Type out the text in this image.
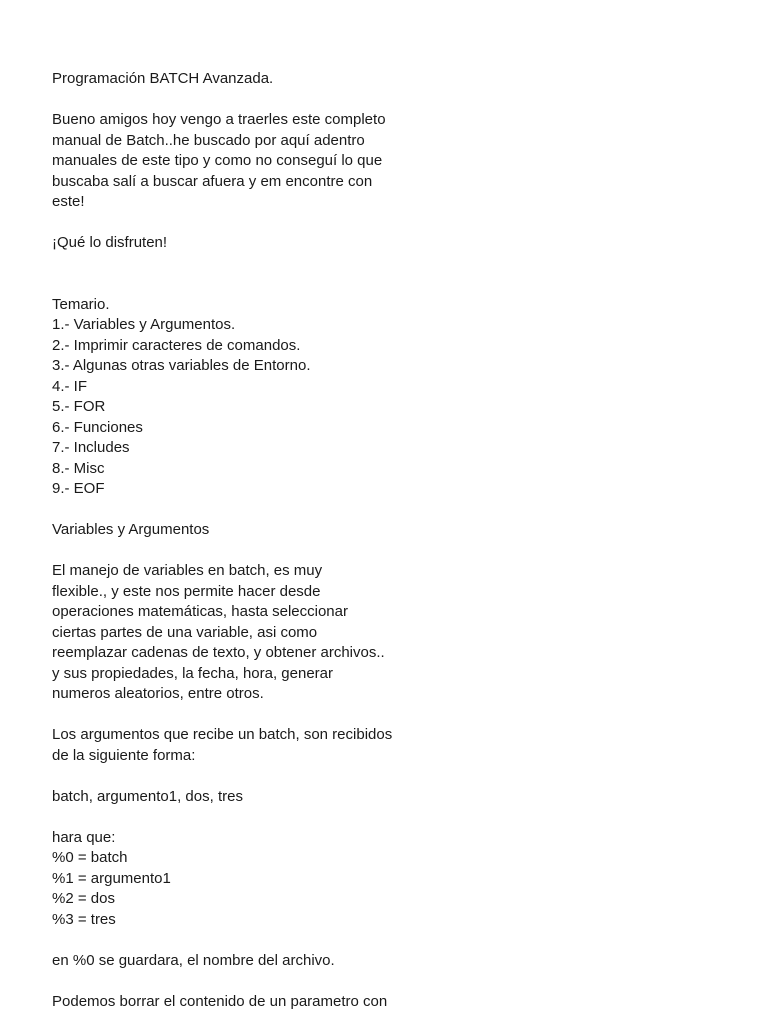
Programación BATCH Avanzada.
Bueno amigos hoy vengo a traerles este completo
manual de Batch..he buscado por aquí adentro
manuales de este tipo y como no conseguí lo que
buscaba salí a buscar afuera y em encontre con
este!
¡Qué lo disfruten!
Temario.
1.- Variables y Argumentos.
2.- Imprimir caracteres de comandos.
3.- Algunas otras variables de Entorno.
4.- IF
5.- FOR
6.- Funciones
7.- Includes
8.- Misc
9.- EOF
Variables y Argumentos
El manejo de variables en batch, es muy
flexible., y este nos permite hacer desde
operaciones matemáticas, hasta seleccionar
ciertas partes de una variable, asi como
reemplazar cadenas de texto, y obtener archivos..
y sus propiedades, la fecha, hora, generar
numeros aleatorios, entre otros.
Los argumentos que recibe un batch, son recibidos
de la siguiente forma:
batch, argumento1, dos, tres
hara que:
%0 = batch
%1 = argumento1
%2 = dos
%3 = tres
en %0 se guardara, el nombre del archivo.
Podemos borrar el contenido de un parametro con
